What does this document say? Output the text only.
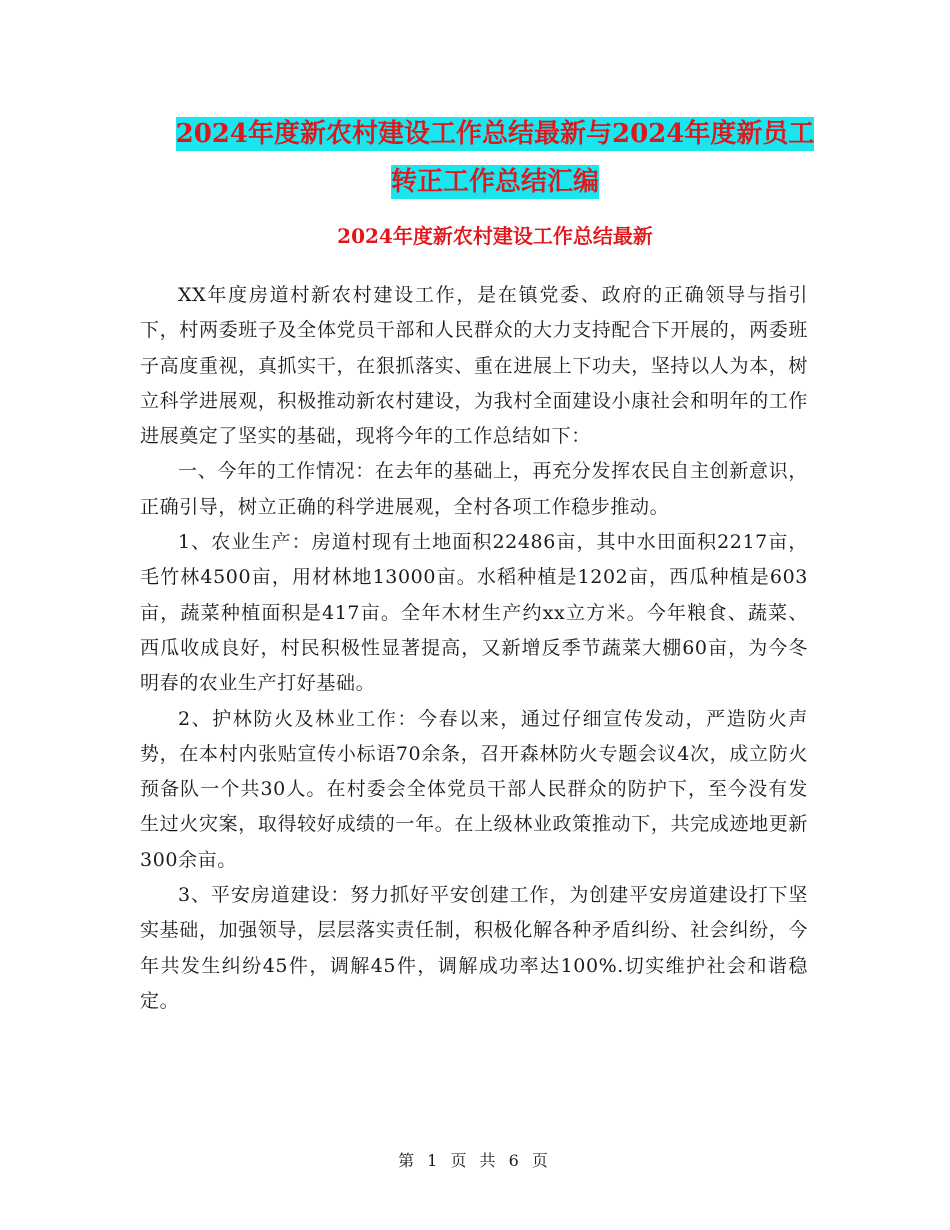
2024年度新农村建设工作总结最新与2024年度新员工
转正工作总结汇编
2024年度新农村建设工作总结最新

XX年度房道村新农村建设工作，是在镇党委、政府的正确领导与指引下，村两委班子及全体党员干部和人民群众的大力支持配合下开展的，两委班子高度重视，真抓实干，在狠抓落实、重在进展上下功夫，坚持以人为本，树立科学进展观，积极推动新农村建设，为我村全面建设小康社会和明年的工作进展奠定了坚实的基础，现将今年的工作总结如下：

一、今年的工作情况：在去年的基础上，再充分发挥农民自主创新意识，正确引导，树立正确的科学进展观，全村各项工作稳步推动。

1、农业生产：房道村现有土地面积22486亩，其中水田面积2217亩，毛竹林4500亩，用材林地13000亩。水稻种植是1202亩，西瓜种植是603亩，蔬菜种植面积是417亩。全年木材生产约xx立方米。今年粮食、蔬菜、西瓜收成良好，村民积极性显著提高，又新增反季节蔬菜大棚60亩，为今冬明春的农业生产打好基础。

2、护林防火及林业工作：今春以来，通过仔细宣传发动，严造防火声势，在本村内张贴宣传小标语70余条，召开森林防火专题会议4次，成立防火预备队一个共30人。在村委会全体党员干部人民群众的防护下，至今没有发生过火灾案，取得较好成绩的一年。在上级林业政策推动下，共完成迹地更新300余亩。

3、平安房道建设：努力抓好平安创建工作，为创建平安房道建设打下坚实基础，加强领导，层层落实责任制，积极化解各种矛盾纠纷、社会纠纷，今年共发生纠纷45件，调解45件，调解成功率达100%.切实维护社会和谐稳定。

第 1 页 共 6 页
